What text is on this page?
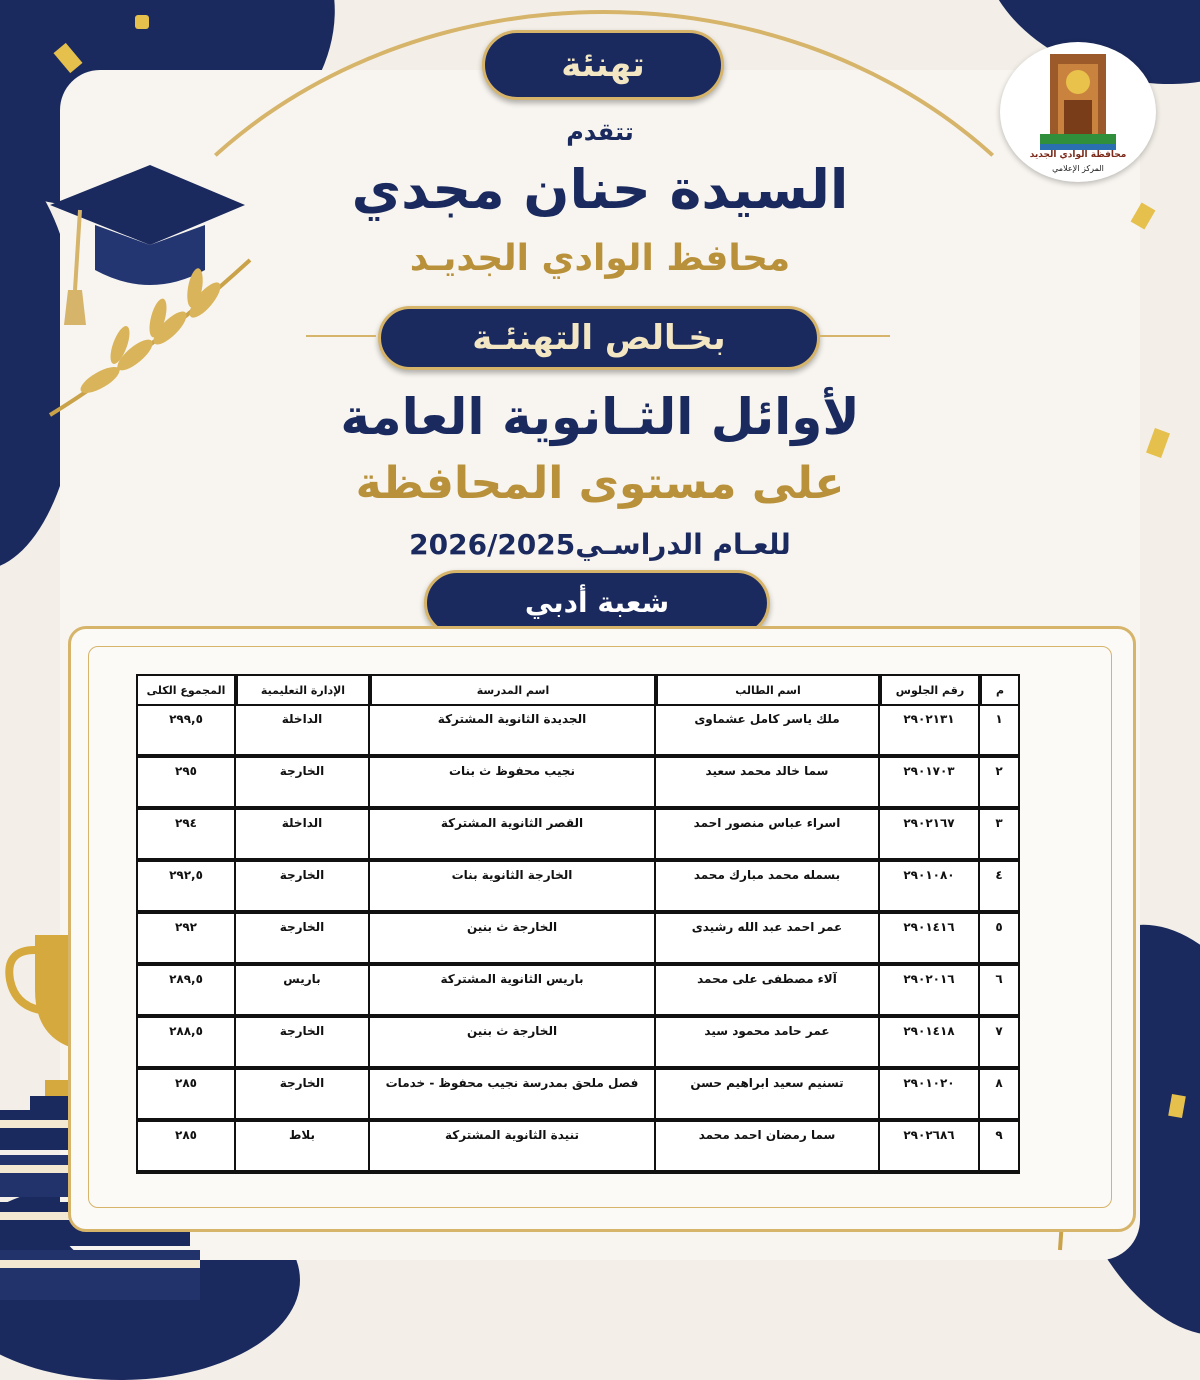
محافظة الوادي الجديد
المركز الإعلامي
تهنئة
تتقدم
السيدة حنان مجدي
محافظ الوادي الجديـد
بخـالص التهنئـة
لأوائل الثـانوية العامة
على مستوى المحافظة
للعـام الدراسـي2026/2025
شعبة أدبي
م	رقم الجلوس	اسم الطالب	اسم المدرسة	الإدارة التعليمية	المجموع الكلى
١	٢٩٠٢١٣١	ملك ياسر كامل عشماوى	الجديدة الثانوية المشتركة	الداخلة	٢٩٩,٥
٢	٢٩٠١٧٠٣	سما خالد محمد سعيد	نجيب محفوظ ث بنات	الخارجة	٢٩٥
٣	٢٩٠٢١٦٧	اسراء عباس منصور احمد	القصر الثانوية المشتركة	الداخلة	٢٩٤
٤	٢٩٠١٠٨٠	بسمله محمد مبارك محمد	الخارجة الثانوية بنات	الخارجة	٢٩٢,٥
٥	٢٩٠١٤١٦	عمر احمد عبد الله رشيدى	الخارجة ث بنين	الخارجة	٢٩٢
٦	٢٩٠٢٠١٦	آلاء مصطفى على محمد	باريس الثانوية المشتركة	باريس	٢٨٩,٥
٧	٢٩٠١٤١٨	عمر حامد محمود سيد	الخارجة ث بنين	الخارجة	٢٨٨,٥
٨	٢٩٠١٠٢٠	تسنيم سعيد ابراهيم حسن	فصل ملحق بمدرسة نجيب محفوظ - خدمات	الخارجة	٢٨٥
٩	٢٩٠٢٦٨٦	سما رمضان احمد محمد	تنيدة الثانوية المشتركة	بلاط	٢٨٥
